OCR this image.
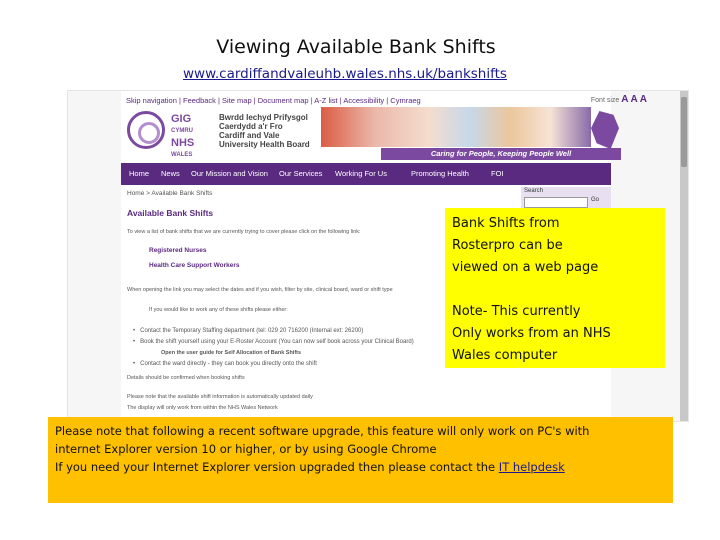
Viewing Available Bank Shifts
www.cardiffandvaleuhb.wales.nhs.uk/bankshifts
Skip navigation | Feedback | Site map | Document map | A-Z list | Accessibility | Cymraeg	Font size A A A
GIG
CYMRU
NHS
WALES
Bwrdd Iechyd Prifysgol
Caerdydd a'r Fro
Cardiff and Vale
University Health Board
Caring for People, Keeping People Well
Home News Our Mission and Vision Our Services Working For Us	Promoting Health	FOI
Home > Available Bank Shifts	Search
Go
Available Bank Shifts
To view a list of bank shifts that we are currently trying to cover please click on the following link:
Registered Nurses
Health Care Support Workers
When opening the link you may select the dates and if you wish, filter by site, clinical board, ward or shift type
If you would like to work any of these shifts please either:
•   Contact the Temporary Staffing department (tel: 029 20 716200 (Internal ext: 26200)
•   Book the shift yourself using your E-Roster Account (You can now self book across your Clinical Board)
Open the user guide for Self Allocation of Bank Shifts
•   Contact the ward directly - they can book you directly onto the shift
Details should be confirmed when booking shifts
Please note that the available shift information is automatically updated daily
The display will only work from within the NHS Wales Network

Bank Shifts from

Rosterpro can be

viewed on a web page

Note- This currently

Only works from an NHS

Wales computer

Please note that following a recent software upgrade, this feature will only work on PC's with

internet Explorer version 10 or higher, or by using Google Chrome

If you need your Internet Explorer version upgraded then please contact the IT helpdesk
